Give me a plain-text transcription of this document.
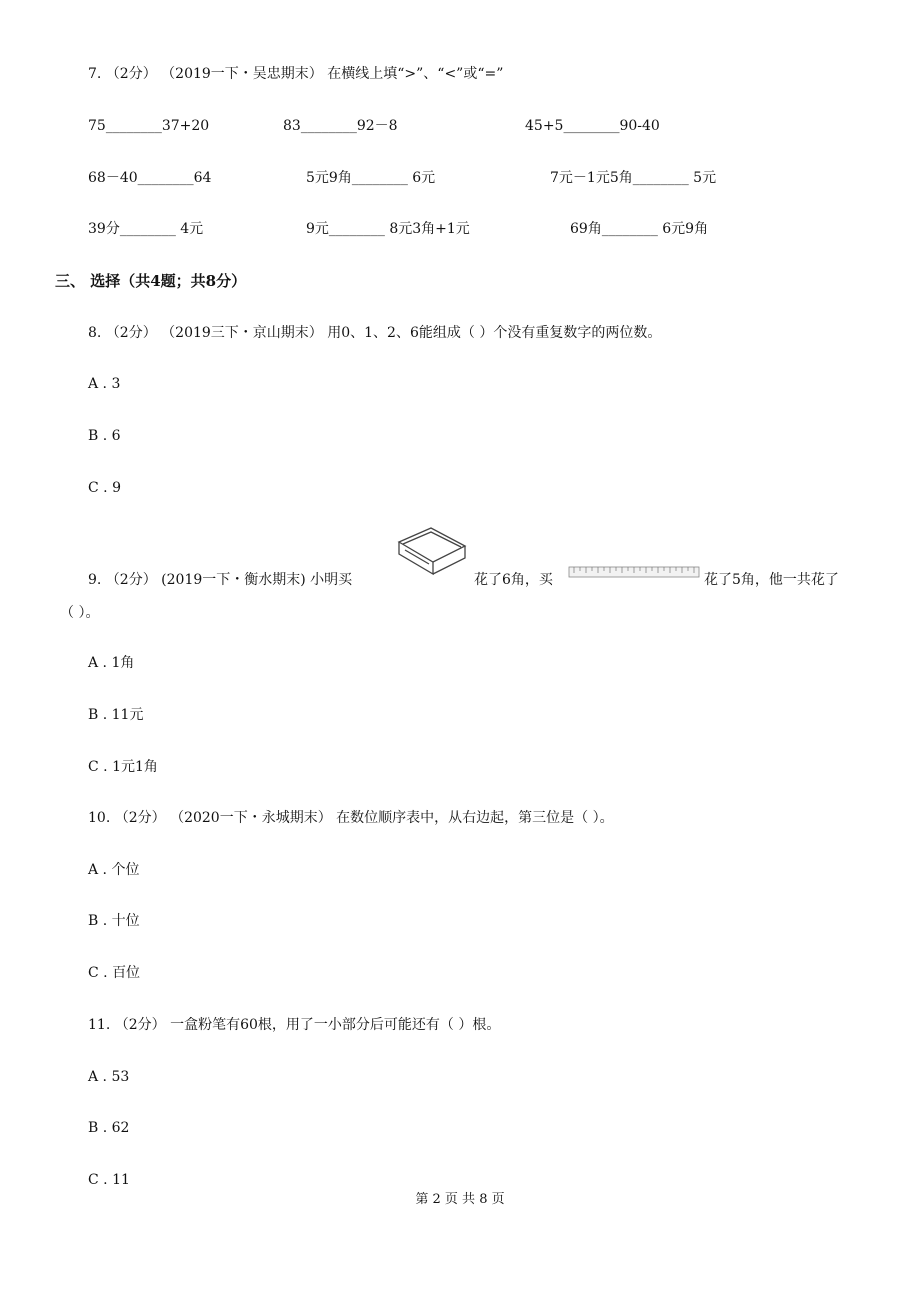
7. （2分） （2019一下・吴忠期末） 在横线上填“>”、“<”或“=”
75________37+20	83________92－8	45+5________90-40
68－40________64	5元9角________ 6元	7元－1元5角________ 5元
39分________ 4元	9元________ 8元3角+1元	69角________ 6元9角
三、 选择（共4题；共8分）
8. （2分） （2019三下・京山期末） 用0、1、2、6能组成（ ）个没有重复数字的两位数。
A . 3
B . 6
C . 9
9. （2分） (2019一下・衡水期末) 小明买	花了6角，买	花了5角，他一共花了
（ ）。
A . 1角
B . 11元
C . 1元1角
10. （2分） （2020一下・永城期末） 在数位顺序表中，从右边起，第三位是（ ）。
A . 个位
B . 十位
C . 百位
11. （2分） 一盒粉笔有60根，用了一小部分后可能还有（ ）根。
A . 53
B . 62
C . 11
第 2 页 共 8 页
